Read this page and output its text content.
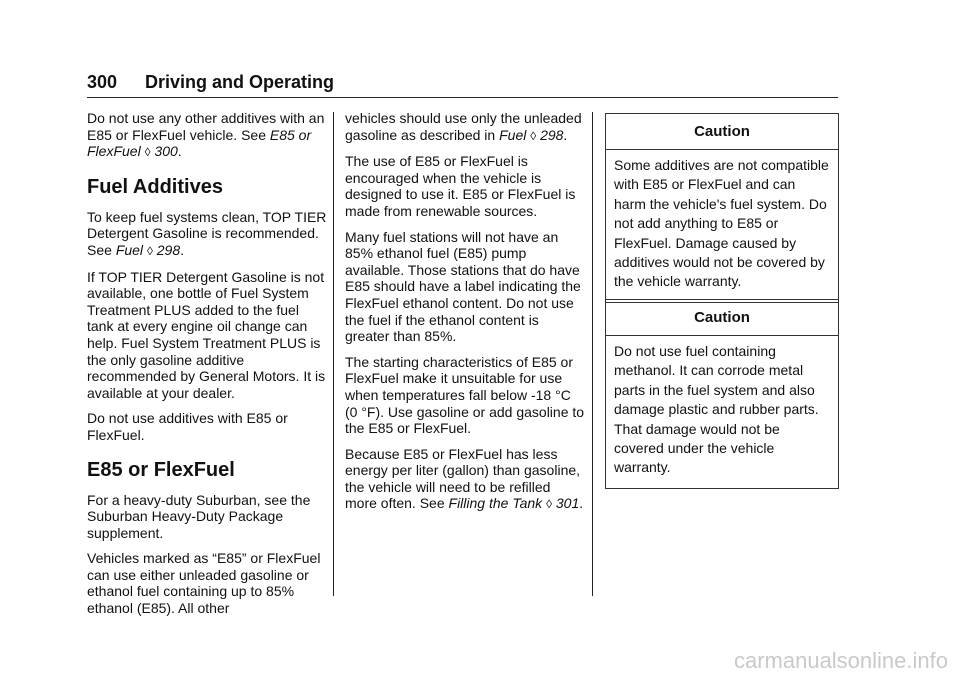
300 Driving and Operating

Do not use any other additives with an E85 or FlexFuel vehicle. See E85 or FlexFuel ◊ 300.

Fuel Additives

To keep fuel systems clean, TOP TIER Detergent Gasoline is recommended. See Fuel ◊ 298.

If TOP TIER Detergent Gasoline is not available, one bottle of Fuel System Treatment PLUS added to the fuel tank at every engine oil change can help. Fuel System Treatment PLUS is the only gasoline additive recommended by General Motors. It is available at your dealer.

Do not use additives with E85 or FlexFuel.

E85 or FlexFuel

For a heavy-duty Suburban, see the Suburban Heavy-Duty Package supplement.

Vehicles marked as “E85” or FlexFuel can use either unleaded gasoline or ethanol fuel containing up to 85% ethanol (E85). All other

vehicles should use only the unleaded gasoline as described in Fuel ◊ 298.

The use of E85 or FlexFuel is encouraged when the vehicle is designed to use it. E85 or FlexFuel is made from renewable sources.

Many fuel stations will not have an 85% ethanol fuel (E85) pump available. Those stations that do have E85 should have a label indicating the FlexFuel ethanol content. Do not use the fuel if the ethanol content is greater than 85%.

The starting characteristics of E85 or FlexFuel make it unsuitable for use when temperatures fall below -18 °C (0 °F). Use gasoline or add gasoline to the E85 or FlexFuel.

Because E85 or FlexFuel has less energy per liter (gallon) than gasoline, the vehicle will need to be refilled more often. See Filling the Tank ◊ 301.

Caution
Some additives are not compatible with E85 or FlexFuel and can harm the vehicle's fuel system. Do not add anything to E85 or FlexFuel. Damage caused by additives would not be covered by the vehicle warranty.
Caution
Do not use fuel containing methanol. It can corrode metal parts in the fuel system and also damage plastic and rubber parts. That damage would not be covered under the vehicle warranty.
carmanualsonline.info
